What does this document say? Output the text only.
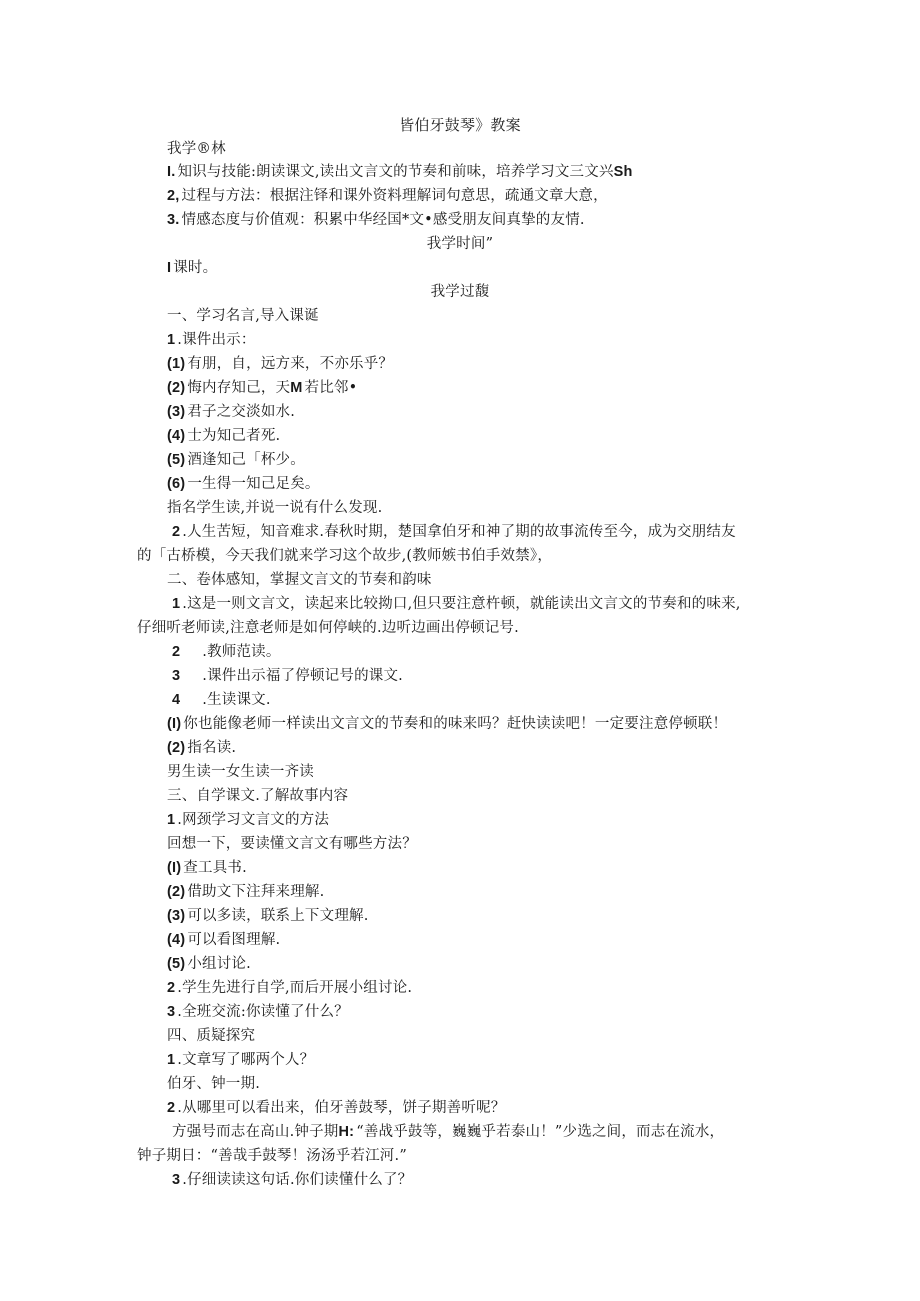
皆伯牙鼓琴》教案
我学®林
I. 知识与技能:朗读课文,读出文言文的节奏和前味，培养学习文三文兴Sh
2, 过程与方法：根据注铎和课外资料理解词句意思，疏通文章大意，
3. 情感态度与价值观：积累中华经国*文•感受朋友间真挚的友情.
我学时间”
I 课时。
我学过馥
一、学习名言,导入课诞
1 .课件出示：
(1) 有朋，自，远方来，不亦乐乎？
(2) 悔内存知己，天M 若比邻•
(3) 君子之交淡如水.
(4) 士为知己者死.
(5) 酒逢知己「杯少。
(6) 一生得一知己足矣。
指名学生读,并说一说有什么发现.
2 .人生苦短，知音难求.春秋时期，楚国拿伯牙和神了期的故事流传至今，成为交朋结友
的「古桥模，今天我们就来学习这个故步,(教师嫉书伯手效禁》，
二、卷体感知，掌握文言文的节奏和韵味
1 .这是一则文言文，读起来比较拗口,但只要注意杵顿，就能读出文言文的节奏和的味来,
仔细听老师读,注意老师是如何停峡的.边听边画出停顿记号.
2 .教师范读。
3 .课件出示福了停顿记号的课文.
4 .生读课文.
(I) 你也能像老师一样读出文言文的节奏和的味来吗？赶快读读吧！一定要注意停顿联！
(2) 指名读.
男生读一女生读一齐读
三、自学课文.了解故事内容
1 .网颈学习文言文的方法
回想一下，要读懂文言文有哪些方法？
(I) 查工具书.
(2) 借助文下注拜来理解.
(3) 可以多读，联系上下文理解.
(4) 可以看图理解.
(5) 小组讨论.
2 .学生先进行自学,而后开展小组讨论.
3 .全班交流:你读懂了什么？
四、质疑探究
1 .文章写了哪两个人？
伯牙、钟一期.
2 .从哪里可以看出来，伯牙善鼓琴，饼子期善听呢？
方强号而志在高山.钟子期H: “善战乎鼓等，巍巍乎若泰山！”少选之间，而志在流水，
钟子期日：“善哉手鼓琴！汤汤乎若江河.”
3 .仔细读读这句话.你们读懂什么了？
